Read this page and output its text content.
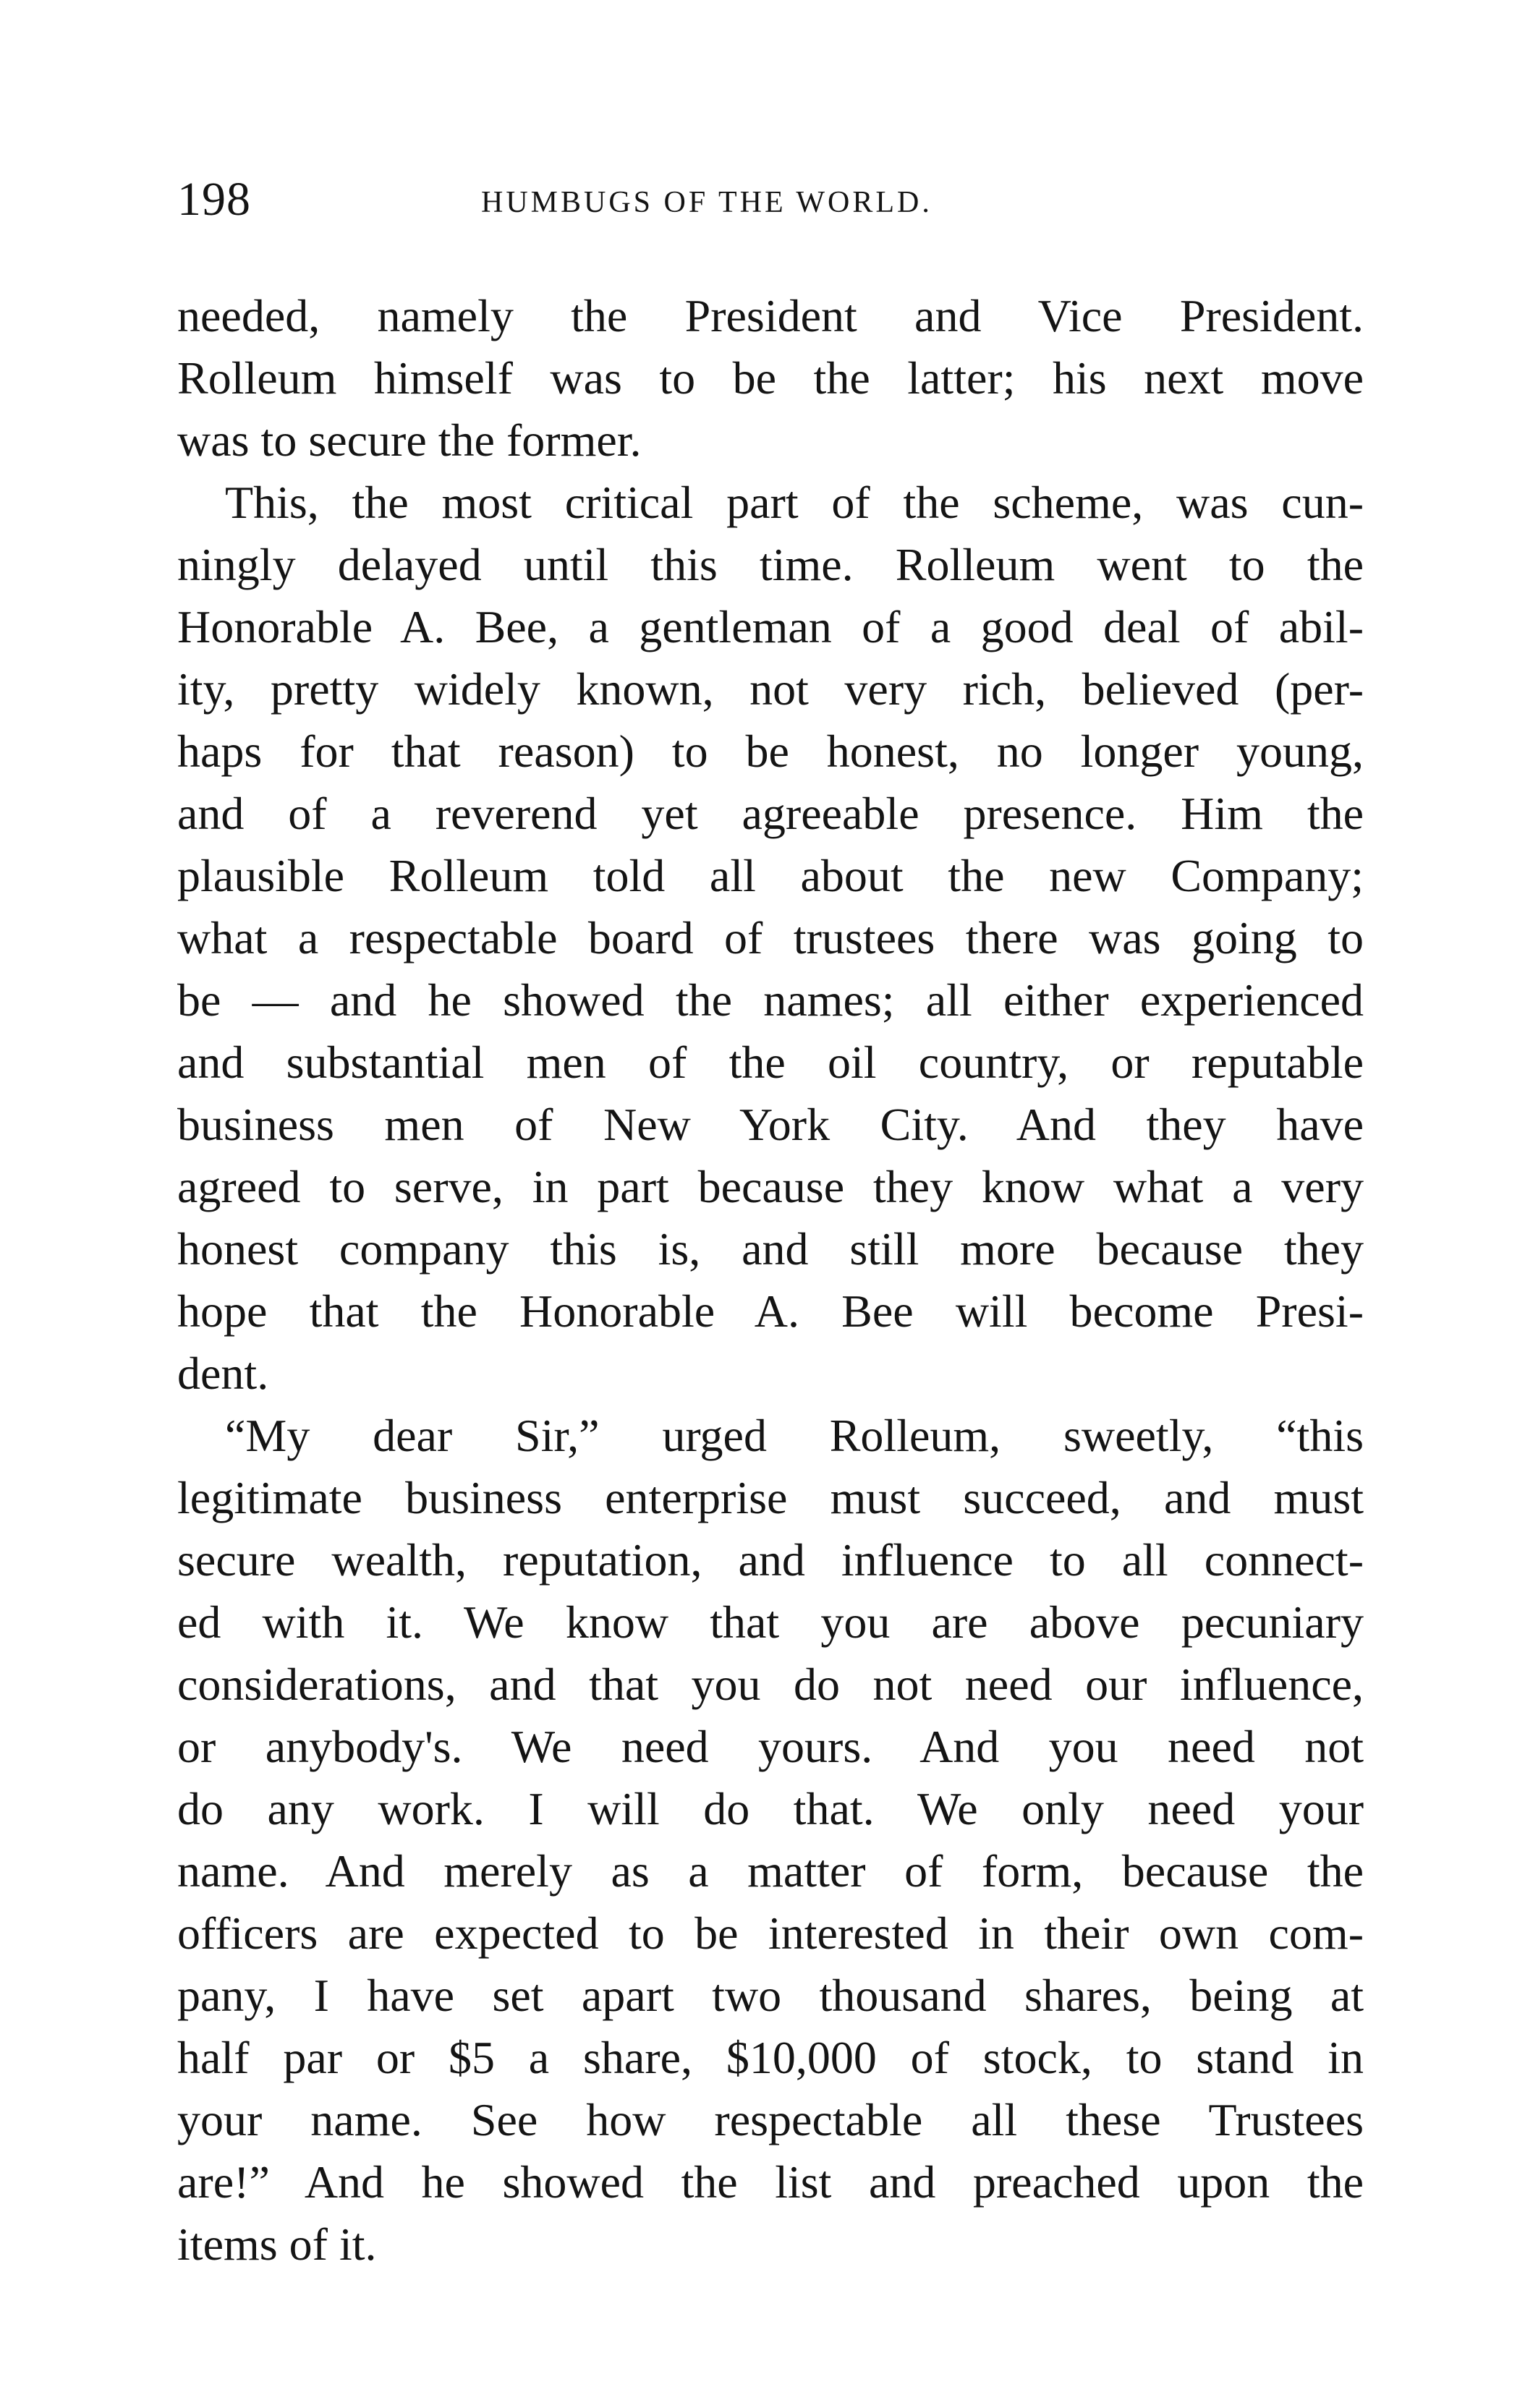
198	HUMBUGS OF THE WORLD.
needed, namely the President and Vice President.
Rolleum himself was to be the latter; his next move
was to secure the former.
This, the most critical part of the scheme, was cun-
ningly delayed until this time. Rolleum went to the
Honorable A. Bee, a gentleman of a good deal of abil-
ity, pretty widely known, not very rich, believed (per-
haps for that reason) to be honest, no longer young,
and of a reverend yet agreeable presence. Him the
plausible Rolleum told all about the new Company;
what a respectable board of trustees there was going to
be — and he showed the names; all either experienced
and substantial men of the oil country, or reputable
business men of New York City. And they have
agreed to serve, in part because they know what a very
honest company this is, and still more because they
hope that the Honorable A. Bee will become Presi-
dent.
“My dear Sir,” urged Rolleum, sweetly, “this
legitimate business enterprise must succeed, and must
secure wealth, reputation, and influence to all connect-
ed with it. We know that you are above pecuniary
considerations, and that you do not need our influence,
or anybody's. We need yours. And you need not
do any work. I will do that. We only need your
name. And merely as a matter of form, because the
officers are expected to be interested in their own com-
pany, I have set apart two thousand shares, being at
half par or $5 a share, $10,000 of stock, to stand in
your name. See how respectable all these Trustees
are!” And he showed the list and preached upon the
items of it.
